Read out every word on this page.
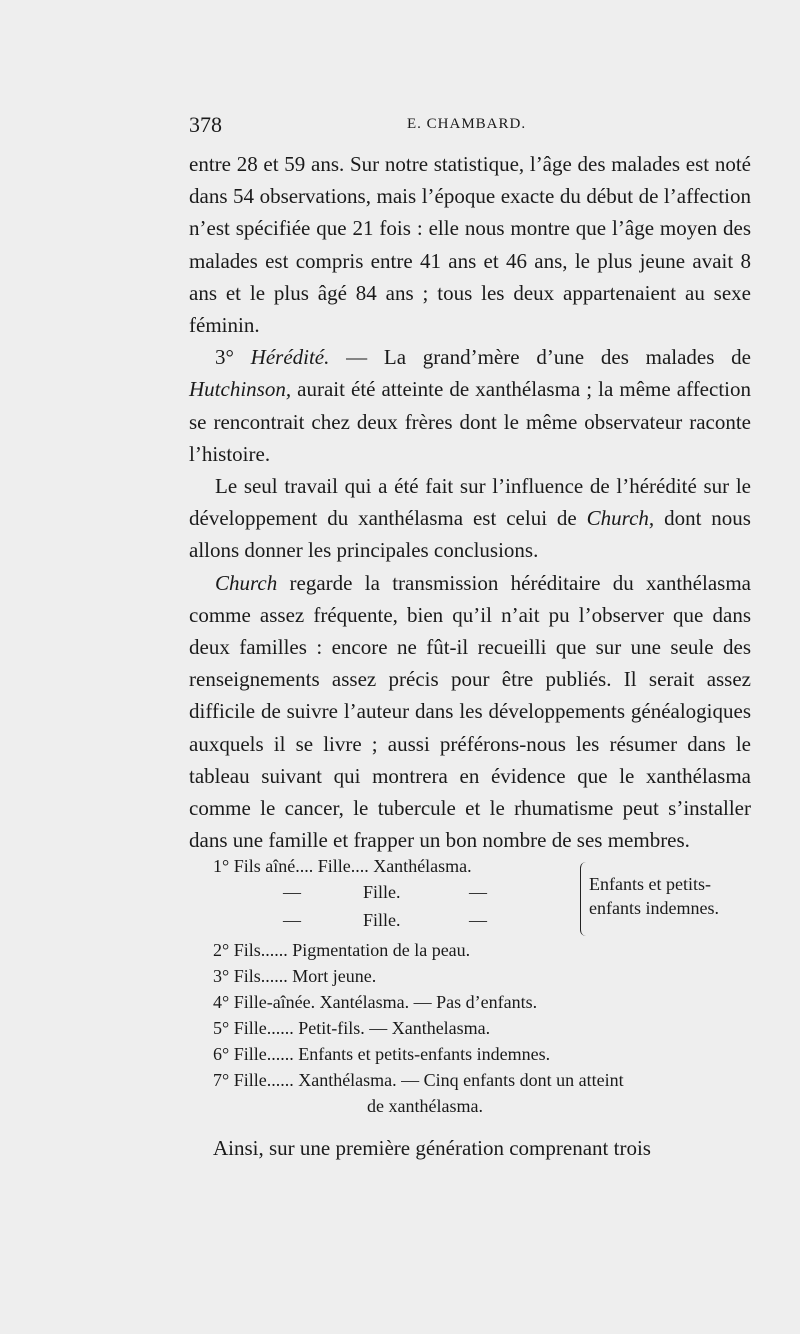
378	E. CHAMBARD.

entre 28 et 59 ans. Sur notre statistique, l’âge des malades est noté dans 54 observations, mais l’époque exacte du début de l’affection n’est spécifiée que 21 fois : elle nous montre que l’âge moyen des malades est compris entre 41 ans et 46 ans, le plus jeune avait 8 ans et le plus âgé 84 ans ; tous les deux appartenaient au sexe féminin.

3° Hérédité. — La grand’mère d’une des malades de Hutchinson, aurait été atteinte de xanthélasma ; la même affection se rencontrait chez deux frères dont le même observateur raconte l’histoire.

Le seul travail qui a été fait sur l’influence de l’hérédité sur le développement du xanthélasma est celui de Church, dont nous allons donner les principales conclusions.

Church regarde la transmission héréditaire du xanthélasma comme assez fréquente, bien qu’il n’ait pu l’observer que dans deux familles : encore ne fût-il recueilli que sur une seule des renseignements assez précis pour être publiés. Il serait assez difficile de suivre l’auteur dans les développements généalogiques auxquels il se livre ; aussi préférons-nous les résumer dans le tableau suivant qui montrera en évidence que le xanthélasma comme le cancer, le tubercule et le rhumatisme peut s’installer dans une famille et frapper un bon nombre de ses membres.

1° Fils aîné.... Fille.... Xanthélasma.
—	Fille.	—
—	Fille.	—
Enfants et petits-
enfants indemnes.
2° Fils...... Pigmentation de la peau.
3° Fils...... Mort jeune.
4° Fille-aînée. Xantélasma. — Pas d’enfants.
5° Fille...... Petit-fils. — Xanthelasma.
6° Fille...... Enfants et petits-enfants indemnes.
7° Fille...... Xanthélasma. — Cinq enfants dont un atteint
de xanthélasma.
Ainsi, sur une première génération comprenant trois
